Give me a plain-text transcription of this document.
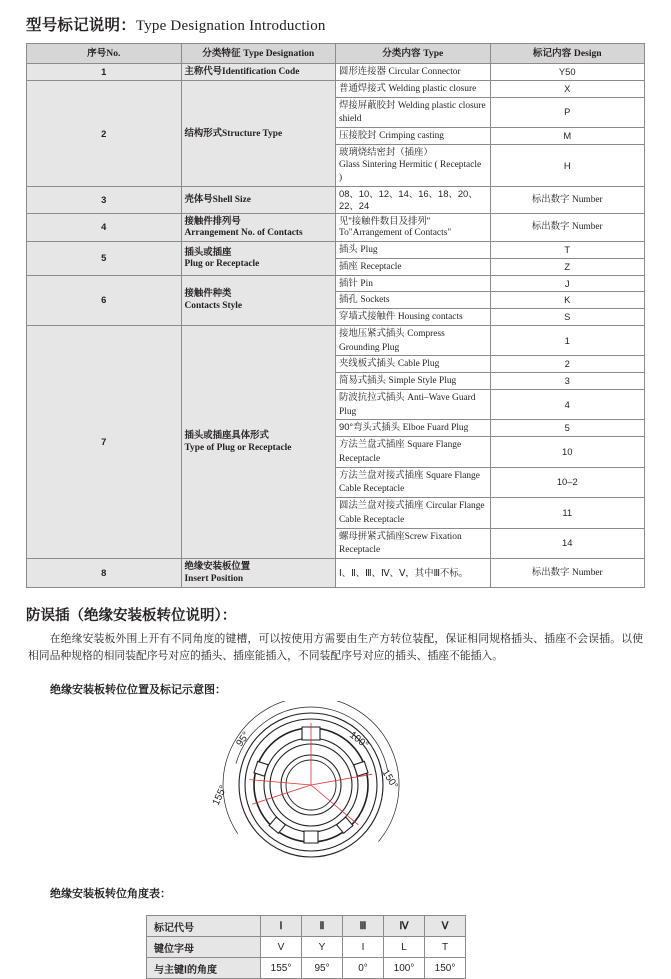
型号标记说明：Type Designation Introduction
序号No.	分类特征 Type Designation	分类内容 Type	标记内容 Design
1	主称代号Identification Code	圆形连接器 Circular Connector	Y50
2	结构形式Structure Type	普通焊接式 Welding plastic closure	X
		焊接屏蔽胶封 Welding plastic closure shield	P
		压接胶封 Crimping casting	M
		玻璃烧结密封（插座）
Glass Sintering Hermitic ( Receptacle )	H
3	壳体号Shell Size	08、10、12、14、16、18、20、22、24	标出数字 Number
4	接触件排列号
Arrangement No. of Contacts	见"接触件数目及排列"
To"Arrangement of Contacts"	标出数字 Number
5	插头或插座
Plug or Receptacle	插头 Plug	T
		插座 Receptacle	Z
6	接触件种类
Contacts Style	插针 Pin	J
		插孔 Sockets	K
		穿墙式接触件 Housing contacts	S
7	插头或插座具体形式
Type of Plug or Receptacle	接地压紧式插头 Compress Grounding Plug	1
		夹线板式插头 Cable Plug	2
		简易式插头 Simple Style Plug	3
		防波抗拉式插头 Anti–Wave Guard Plug	4
		90°弯头式插头 Elboe Fuard Plug	5
		方法兰盘式插座 Square Flange Receptacle	10
		方法兰盘对接式插座 Square Flange Cable Receptacle	10–2
		圆法兰盘对接式插座 Circular Flange Cable Receptacle	11
		螺母拼紧式插座Screw Fixation Receptacle	14
8	绝缘安装板位置
Insert Position	Ⅰ、Ⅱ、Ⅲ、Ⅳ、Ⅴ，其中Ⅲ不标。	标出数字 Number
防误插（绝缘安装板转位说明）：
在绝缘安装板外围上开有不同角度的键槽，可以按使用方需要由生产方转位装配，保证相同规格插头、插座不会误插。以使相同品种规格的相同装配序号对应的插头、插座能插入，不同装配序号对应的插头、插座不能插入。
绝缘安装板转位位置及标记示意图：
155°
95°	100°
150°
绝缘安装板转位角度表：
标记代号	Ⅰ	Ⅱ	Ⅲ	Ⅳ	Ⅴ
键位字母	V	Y	I	L	T
与主键Ⅰ的角度	155°	95°	0°	100°	150°
